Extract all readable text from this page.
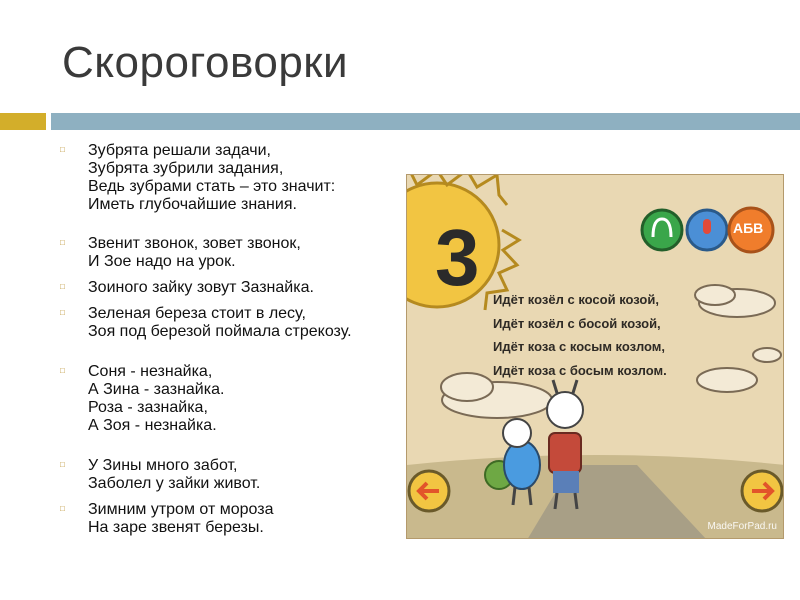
Скороговорки
□ Зубрята решали задачи,
Зубрята зубрили задания,
Ведь зубрами стать – это значит:
Иметь глубочайшие знания.
□ Звенит звонок, зовет звонок,
И Зое надо на урок.
□ Зоиного зайку зовут Зазнайка.
□ Зеленая береза стоит в лесу,
Зоя под березой поймала стрекозу.
□ Соня - незнайка,
А Зина - зазнайка.
Роза - зазнайка,
А Зоя - незнайка.
□ У Зины много забот,
Заболел у зайки живот.
□ Зимним утром от мороза
На заре звенят березы.
3	АБВ
Идёт козёл с косой козой,
Идёт козёл с босой козой,
Идёт коза с косым козлом,
Идёт коза с босым козлом.
MadeForPad.ru
